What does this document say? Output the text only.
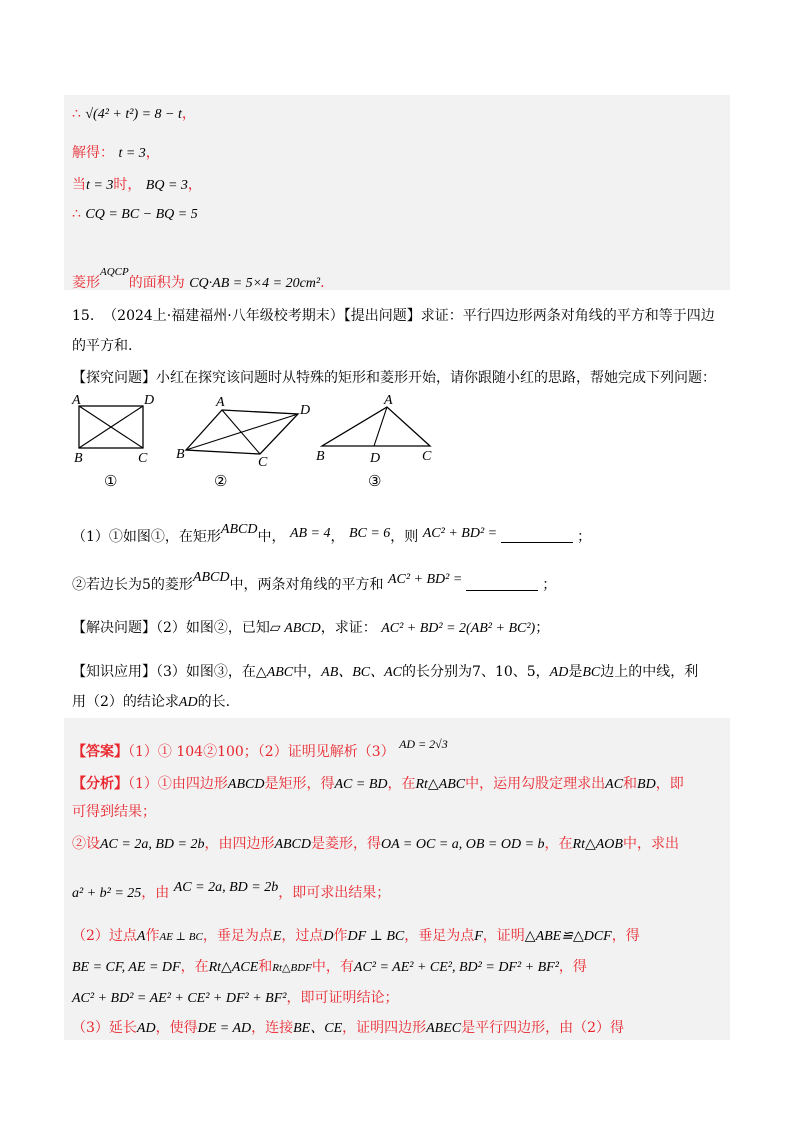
∴ √(4² + t²) = 8 − t，
解得： t = 3，
当t = 3时， BQ = 3，
∴ CQ = BC − BQ = 5
菱形$^{AQCP}$的面积为 CQ·AB = 5×4 = 20cm².
15. （2024上·福建福州·八年级校考期末）【提出问题】求证：平行四边形两条对角线的平方和等于四边
的平方和.
【探究问题】小红在探究该问题时从特殊的矩形和菱形开始，请你跟随小红的思路，帮她完成下列问题：
A	D
B	C
①
A
D
B
C
②
A
B	D	C
③
（1）①如图①，在矩形ABCD中， AB = 4， BC = 6，则 AC² + BD² =	；
②若边长为5的菱形ABCD中，两条对角线的平方和 AC² + BD² =	；
【解决问题】（2）如图②，已知▱ ABCD，求证： AC² + BD² = 2(AB² + BC²)；
【知识应用】（3）如图③，在△ABC中，AB、BC、AC的长分别为7、10、5，AD是BC边上的中线，利
用（2）的结论求AD的长.
【答案】（1）① 104②100；（2）证明见解析（3） AD = 2√3
【分析】（1）①由四边形ABCD是矩形，得AC = BD，在Rt△ABC中，运用勾股定理求出AC和BD，即
可得到结果；
②设AC = 2a, BD = 2b，由四边形ABCD是菱形，得OA = OC = a, OB = OD = b，在Rt△AOB中，求出
a² + b² = 25，由 AC = 2a, BD = 2b，即可求出结果；
（2）过点A作AE ⊥ BC，垂足为点E，过点D作DF ⊥ BC，垂足为点F，证明△ABE≌△DCF，得
BE = CF, AE = DF，在Rt△ACE和Rt△BDF中，有AC² = AE² + CE², BD² = DF² + BF²，得
AC² + BD² = AE² + CE² + DF² + BF²，即可证明结论；
（3）延长AD，使得DE = AD，连接BE、CE，证明四边形ABEC是平行四边形，由（2）得
